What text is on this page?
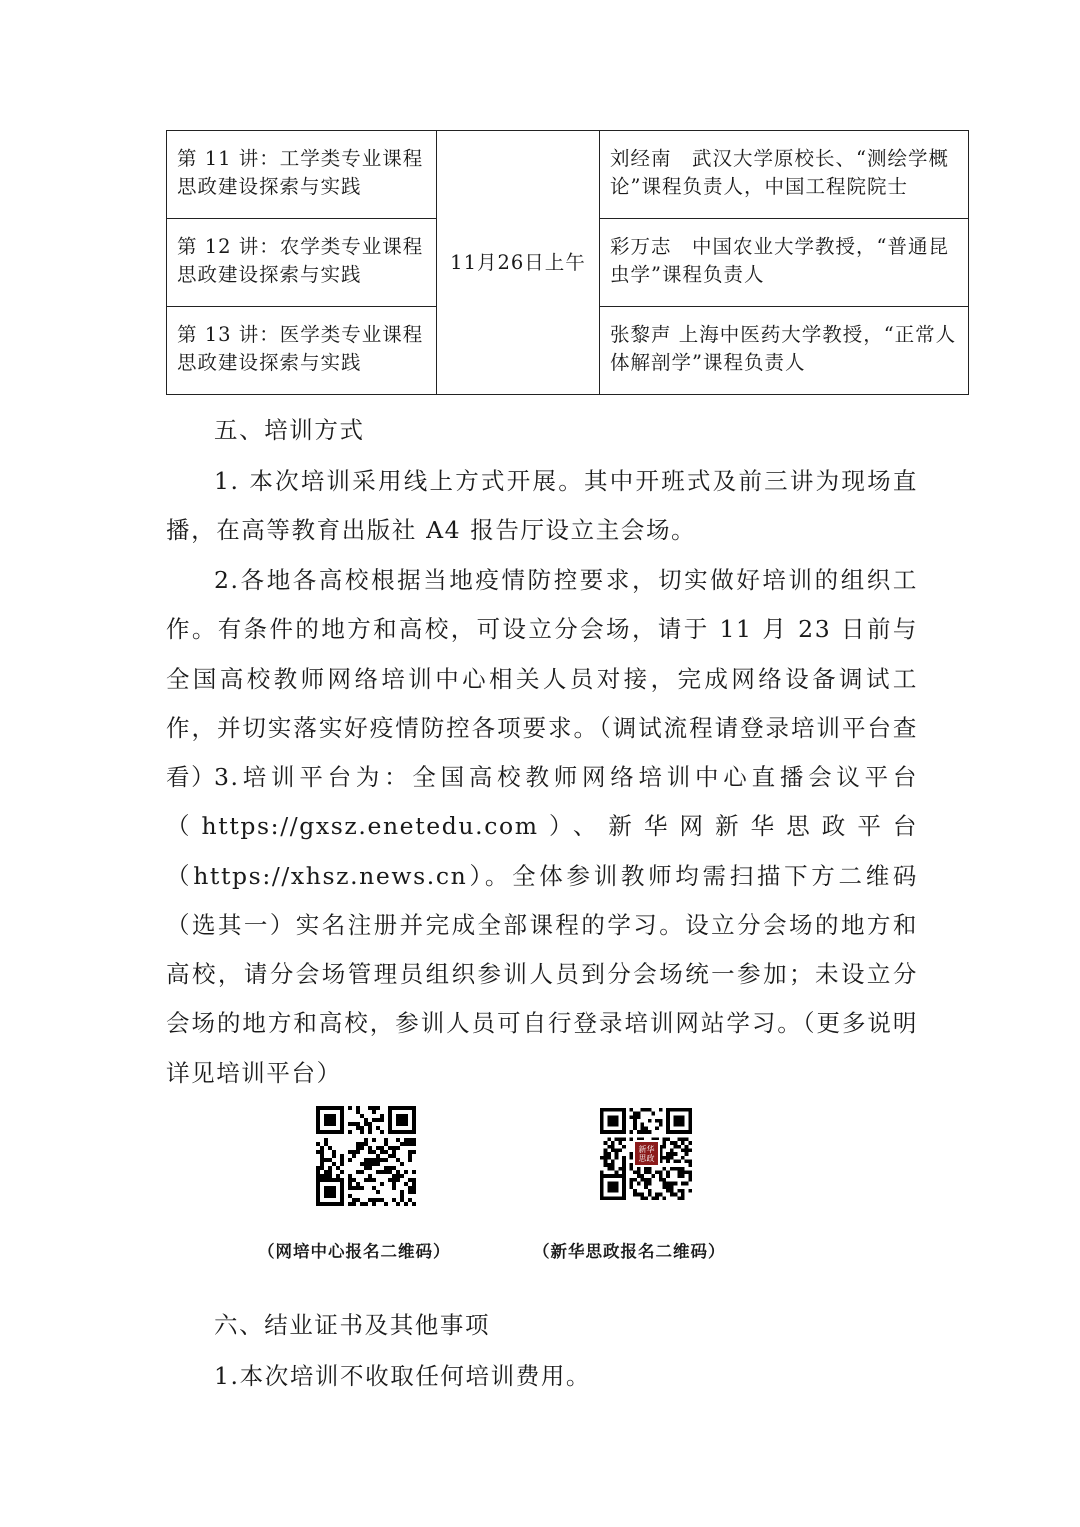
第 11 讲：工学类专业课程思政建设探索与实践	11月26日上午	刘经南　武汉大学原校长、“测绘学概论”课程负责人，中国工程院院士
第 12 讲：农学类专业课程思政建设探索与实践		彩万志　中国农业大学教授，“普通昆虫学”课程负责人
第 13 讲：医学类专业课程思政建设探索与实践		张黎声 上海中医药大学教授，“正常人体解剖学”课程负责人
五、培训方式

1. 本次培训采用线上方式开展。其中开班式及前三讲为现场直播，在高等教育出版社 A4 报告厅设立主会场。

2.各地各高校根据当地疫情防控要求，切实做好培训的组织工作。有条件的地方和高校，可设立分会场，请于 11 月 23 日前与全国高校教师网络培训中心相关人员对接，完成网络设备调试工作，并切实落实好疫情防控各项要求。（调试流程请登录培训平台查看）

3.培训平台为：全国高校教师网络培训中心直播会议平台（https://gxsz.enetedu.com）、新华网新华思政平台（https://xhsz.news.cn）。全体参训教师均需扫描下方二维码（选其一）实名注册并完成全部课程的学习。设立分会场的地方和高校，请分会场管理员组织参训人员到分会场统一参加；未设立分会场的地方和高校，参训人员可自行登录培训网站学习。（更多说明详见培训平台）

（网培中心报名二维码）
新华思政
（新华思政报名二维码）
六、结业证书及其他事项

1.本次培训不收取任何培训费用。
